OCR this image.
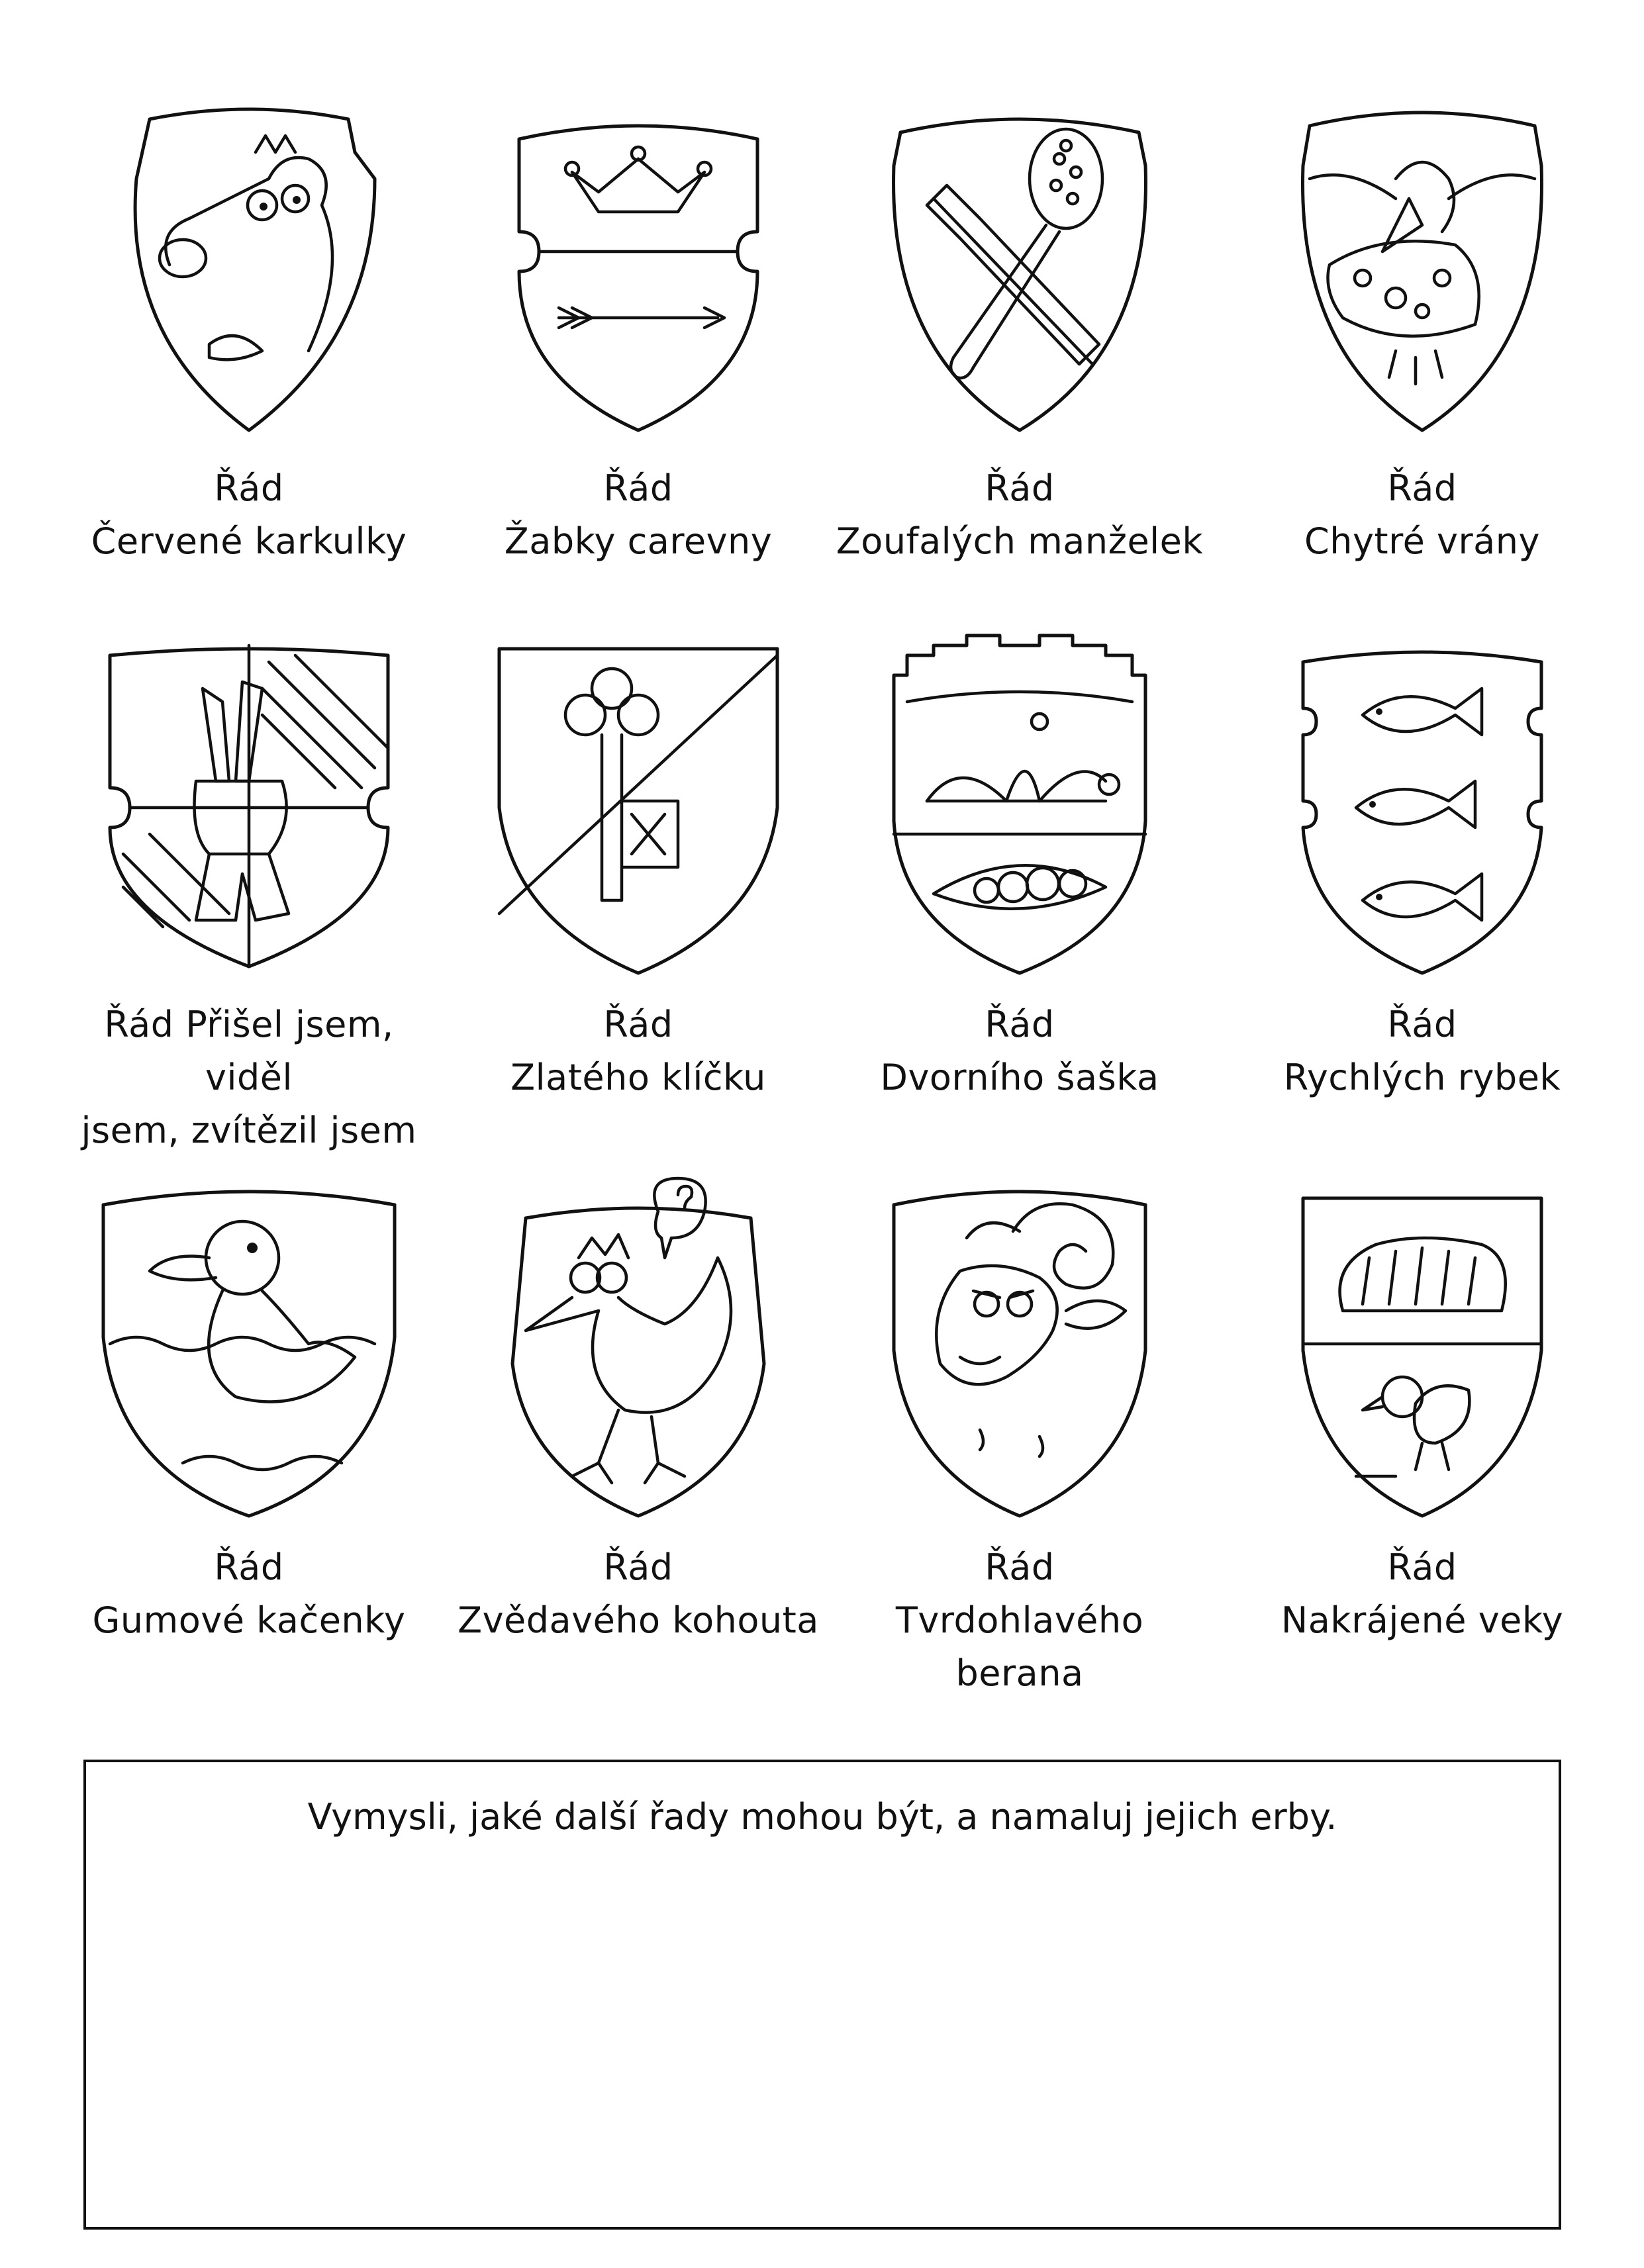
Řád
Červené karkulky
Řád
Žabky carevny
Řád
Zoufalých manželek
Řád
Chytré vrány
Řád Přišel jsem, viděl
jsem, zvítězil jsem
Řád
Zlatého klíčku
Řád
Dvorního šaška
Řád
Rychlých rybek
Řád
Gumové kačenky
Řád
Zvědavého kohouta
Řád
Tvrdohlavého berana
Řád
Nakrájené veky
Vymysli, jaké další řady mohou být, a namaluj jejich erby.
